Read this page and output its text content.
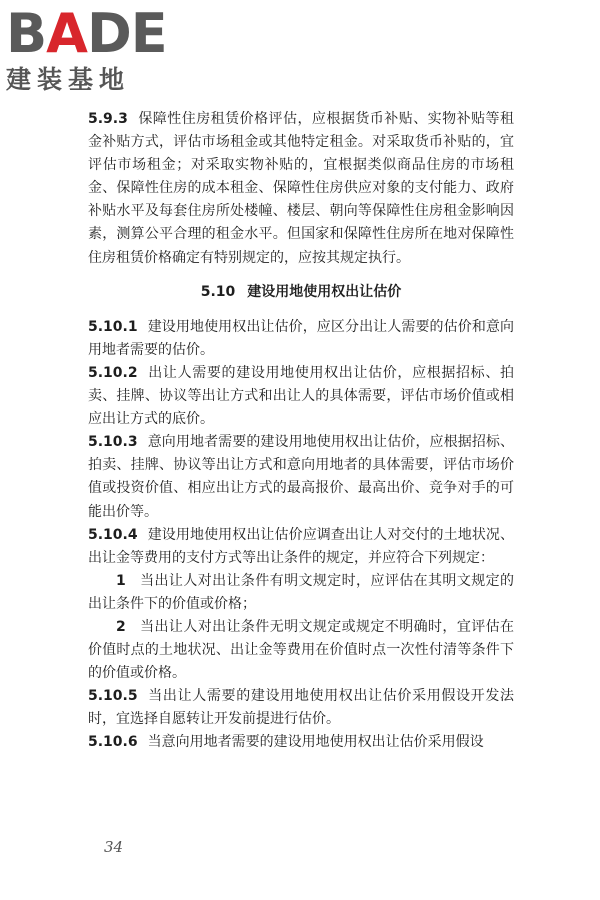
BADE
建装基地

5.9.3 保障性住房租赁价格评估，应根据货币补贴、实物补贴等租金补贴方式，评估市场租金或其他特定租金。对采取货币补贴的，宜评估市场租金；对采取实物补贴的，宜根据类似商品住房的市场租金、保障性住房的成本租金、保障性住房供应对象的支付能力、政府补贴水平及每套住房所处楼幢、楼层、朝向等保障性住房租金影响因素，测算公平合理的租金水平。但国家和保障性住房所在地对保障性住房租赁价格确定有特别规定的，应按其规定执行。

5.10 建设用地使用权出让估价

5.10.1 建设用地使用权出让估价，应区分出让人需要的估价和意向用地者需要的估价。

5.10.2 出让人需要的建设用地使用权出让估价，应根据招标、拍卖、挂牌、协议等出让方式和出让人的具体需要，评估市场价值或相应出让方式的底价。

5.10.3 意向用地者需要的建设用地使用权出让估价，应根据招标、拍卖、挂牌、协议等出让方式和意向用地者的具体需要，评估市场价值或投资价值、相应出让方式的最高报价、最高出价、竞争对手的可能出价等。

5.10.4 建设用地使用权出让估价应调查出让人对交付的土地状况、出让金等费用的支付方式等出让条件的规定，并应符合下列规定：

1 当出让人对出让条件有明文规定时，应评估在其明文规定的出让条件下的价值或价格；

2 当出让人对出让条件无明文规定或规定不明确时，宜评估在价值时点的土地状况、出让金等费用在价值时点一次性付清等条件下的价值或价格。

5.10.5 当出让人需要的建设用地使用权出让估价采用假设开发法时，宜选择自愿转让开发前提进行估价。

5.10.6 当意向用地者需要的建设用地使用权出让估价采用假设

34
